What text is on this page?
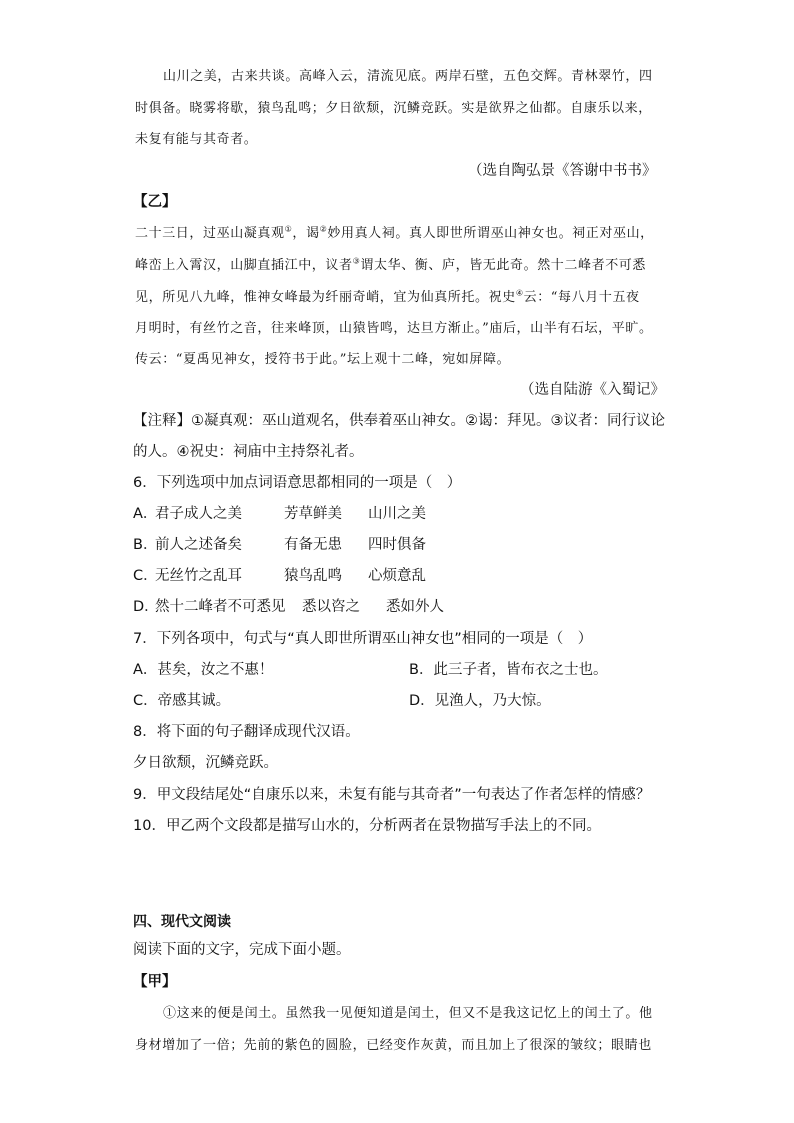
山川之美，古来共谈。高峰入云，清流见底。两岸石壁，五色交辉。青林翠竹，四
时俱备。晓雾将歇，猿鸟乱鸣；夕日欲颓，沉鳞竞跃。实是欲界之仙都。自康乐以来，
未复有能与其奇者。
（选自陶弘景《答谢中书书》
【乙】
二十三日，过巫山凝真观①，谒②妙用真人祠。真人即世所谓巫山神女也。祠正对巫山，
峰峦上入霄汉，山脚直插江中，议者③谓太华、衡、庐，皆无此奇。然十二峰者不可悉
见，所见八九峰，惟神女峰最为纤丽奇峭，宜为仙真所托。祝史④云：“每八月十五夜
月明时，有丝竹之音，往来峰顶，山猿皆鸣，达旦方渐止。”庙后，山半有石坛，平旷。
传云：“夏禹见神女，授符书于此。”坛上观十二峰，宛如屏障。
（选自陆游《入蜀记》
【注释】①凝真观：巫山道观名，供奉着巫山神女。②谒：拜见。③议者：同行议论
的人。④祝史：祠庙中主持祭礼者。
6．下列选项中加点词语意思都相同的一项是（　）
A．
君子成人之美	芳草鲜美 山川之美
B．
前人之述备矣	有备无患 四时俱备
C．
无丝竹之乱耳	猿鸟乱鸣 心烦意乱
D．
然十二峰者不可悉见 悉以咨之 悉如外人
7．下列各项中，句式与“真人即世所谓巫山神女也”相同的一项是（　）
A．甚矣，汝之不惠！	B．此三子者，皆布衣之士也。
C．帝感其诚。	D．见渔人，乃大惊。
8．将下面的句子翻译成现代汉语。
夕日欲颓，沉鳞竞跃。
9．甲文段结尾处“自康乐以来，未复有能与其奇者”一句表达了作者怎样的情感？
10．甲乙两个文段都是描写山水的，分析两者在景物描写手法上的不同。
四、现代文阅读
阅读下面的文字，完成下面小题。
【甲】
①这来的便是闰土。虽然我一见便知道是闰土，但又不是我这记忆上的闰土了。他
身材增加了一倍；先前的紫色的圆脸，已经变作灰黄，而且加上了很深的皱纹；眼睛也
